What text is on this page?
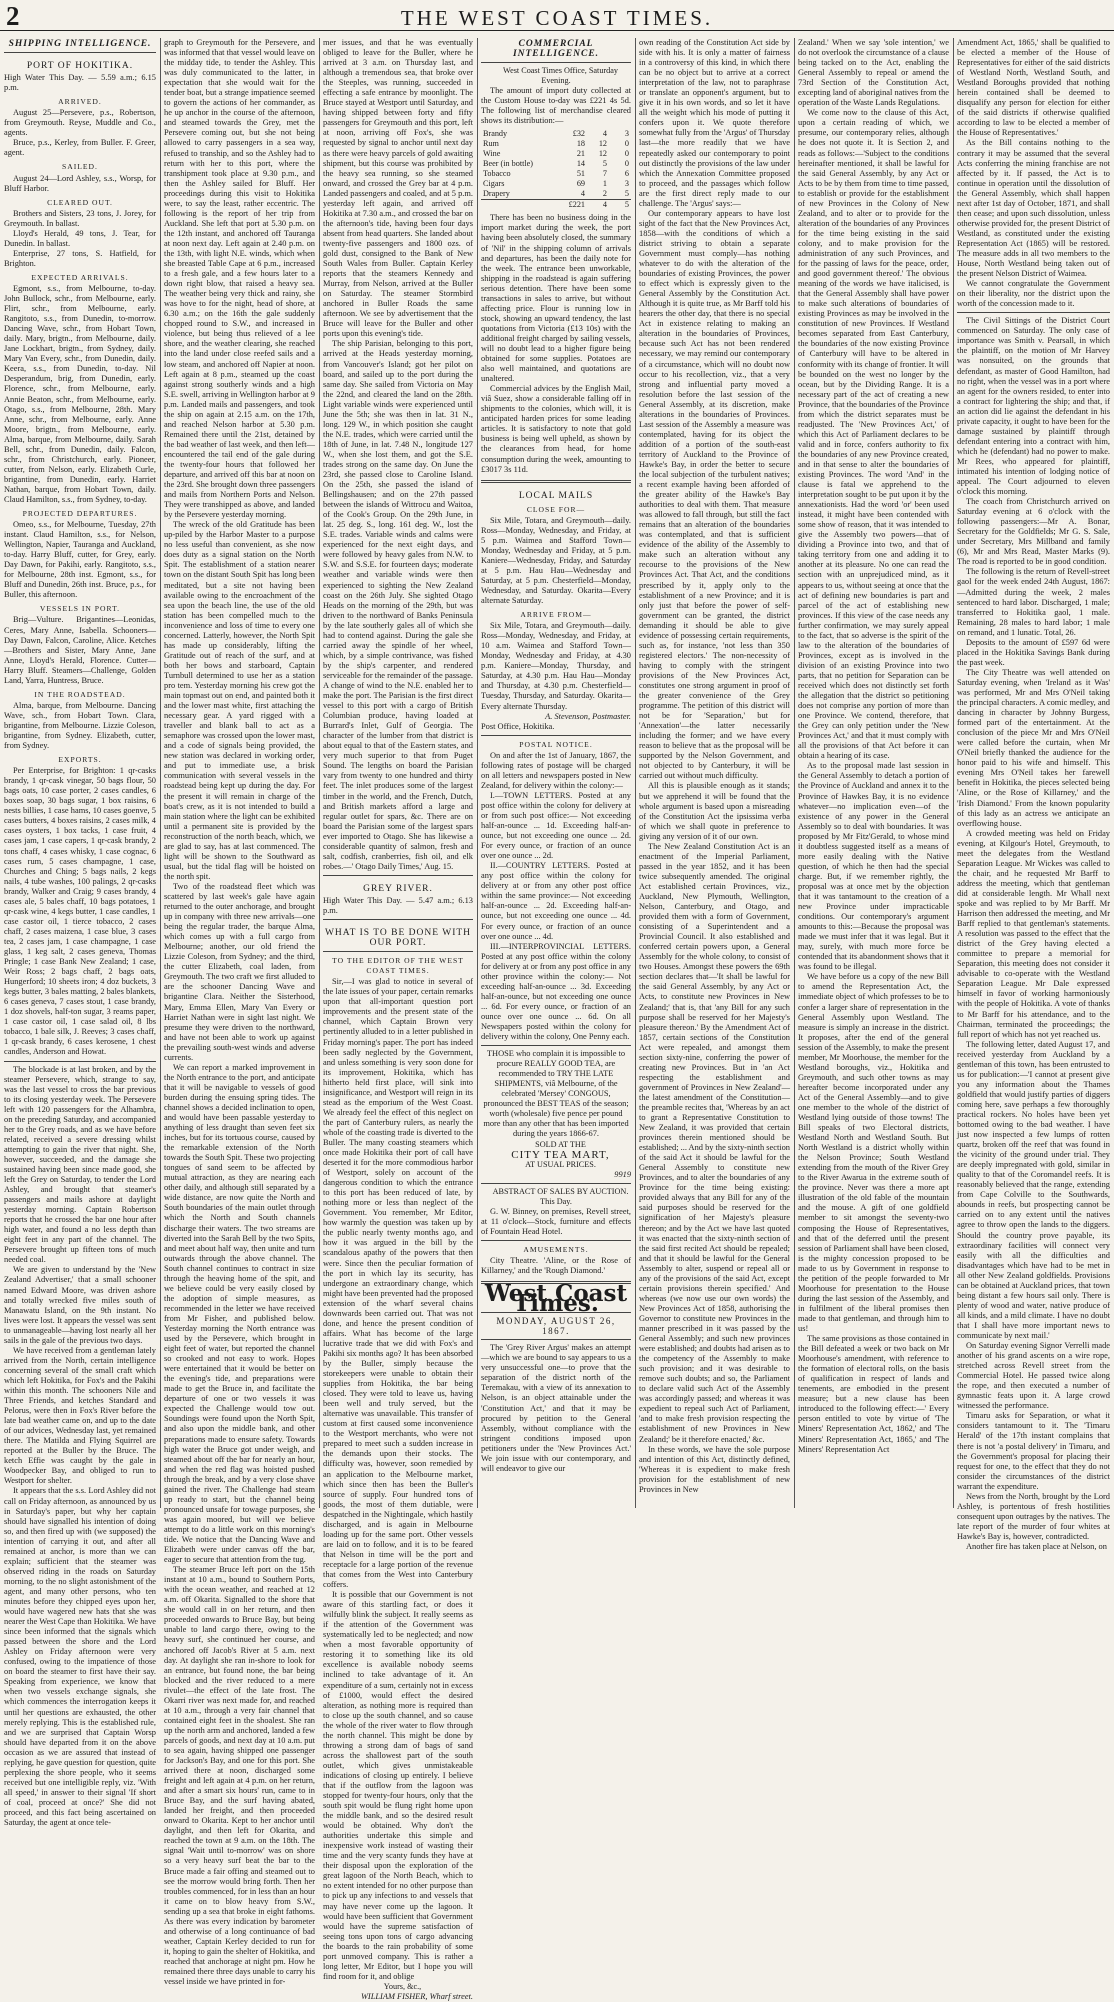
2	THE WEST COAST TIMES.
SHIPPING INTELLIGENCE.
PORT OF HOKITIKA.

High Water This Day. — 5.59 a.m.; 6.15 p.m.

ARRIVED.

August 25—Persevere, p.s., Robertson, from Greymouth. Reyse, Muddle and Co., agents.

Bruce, p.s., Kerley, from Buller. F. Greer, agent.

SAILED.

August 24—Lord Ashley, s.s., Worsp, for Bluff Harbor.

CLEARED OUT.

Brothers and Sisters, 23 tons, J. Jorey, for Greymouth. In ballast.

Lloyd's Herald, 49 tons, J. Tear, for Dunedin. In ballast.

Enterprise, 27 tons, S. Hatfield, for Brighton.

EXPECTED ARRIVALS.

Egmont, s.s., from Melbourne, to-day. John Bullock, schr., from Melbourne, early. Flirt, schr., from Melbourne, early. Rangitoto, s.s., from Dunedin, to-morrow. Dancing Wave, schr., from Hobart Town, daily. Mary, brigtn., from Melbourne, daily. Jane Lockhart, brigtn., from Sydney, daily. Mary Van Every, schr., from Dunedin, daily. Keera, s.s., from Dunedin, to-day. Nil Desperandum, brig, from Dunedin, early. Florence, schr., from Melbourne, early. Annie Beaton, schr., from Melbourne, early. Otago, s.s., from Melbourne, 28th. Mary Anne, schr., from Melbourne, early. Anne Moore, brigtn., from Melbourne, early. Alma, barque, from Melbourne, daily. Sarah Bell, schr., from Dunedin, daily. Falcon, schr., from Christchurch, early. Pioneer, cutter, from Nelson, early. Elizabeth Curle, brigantine, from Dunedin, early. Harriet Nathan, barque, from Hobart Town, daily. Claud Hamilton, s.s., from Sydney, to-day.

PROJECTED DEPARTURES.

Omeo, s.s., for Melbourne, Tuesday, 27th instant. Claud Hamilton, s.s., for Nelson, Wellington, Napier, Tauranga and Auckland, to-day. Harry Bluff, cutter, for Grey, early. Day Dawn, for Pakihi, early. Rangitoto, s.s., for Melbourne, 28th inst. Egmont, s.s., for Bluff and Dunedin, 26th inst. Bruce, p.s., for Buller, this afternoon.

VESSELS IN PORT.

Brig—Vulture. Brigantines—Leonidas, Ceres, Mary Anne, Isabella. Schooners—Day Dawn, Falcon, Caroline, Alice. Ketches—Brothers and Sister, Mary Anne, Jane Anne, Lloyd's Herald, Florence. Cutter—Harry Bluff. Steamers—Challenge, Golden Land, Yarra, Huntress, Bruce.

IN THE ROADSTEAD.

Alma, barque, from Melbourne. Dancing Wave, sch., from Hobart Town. Clara, brigantine, from Melbourne. Lizzie Coleson, brigantine, from Sydney. Elizabeth, cutter, from Sydney.

EXPORTS.

Per Enterprise, for Brighton: 1 qr-casks brandy, 1 qr-cask vinegar, 50 bags flour, 50 bags oats, 10 case porter, 2 cases candles, 6 boxes soap, 30 bags sugar, 1 box raisins, 6 nests billies, 1 case hams, 10 cases goenve, 5 cases butters, 4 boxes raisins, 2 cases milk, 4 cases oysters, 1 box tacks, 1 case fruit, 4 cases jam, 1 case capers, 1 qr-cask brandy, 2 tons chaff, 4 cases whisky, 1 case cognac, 6 cases rum, 5 cases champagne, 1 case, Churches and Ching; 5 bags nails, 2 kegs nails, 4 tube washes, 100 palings, 2 qr-casks brandy, Walker and Craig; 9 cases brandy, 4 cases ale, 5 bales chaff, 10 bags potatoes, 1 qr-cask wine, 4 kegs butter, 1 case candles, 1 case castor oil, 1 tierce tobacco, 2 cases chaff, 2 cases maizena, 1 case blue, 3 cases tea, 2 cases jam, 1 case champagne, 1 case glass, 1 keg salt, 2 cases geneva, Thomas Pringle; 1 case Bank New Zealand; 1 case, Weir Ross; 2 bags chaff, 2 bags oats, Hungerford; 10 sheets iron; 4 doz buckets, 3 kegs butter, 3 bales matting, 2 bales blankets, 6 cases geneva, 7 cases stout, 1 case brandy, 1 doz shovels, half-ton sugar, 3 reams paper, 1 case castor oil, 1 case salad oil, 8 lbs tobacco, 1 bale silk, J. Reeves; 3 cases chaff, 1 qr-cask brandy, 6 cases kerosene, 1 chest candles, Anderson and Howat.

The blockade is at last broken, and by the steamer Persevere, which, strange to say, was the last vessel to cross the bar previous to its closing yesterday week. The Persevere left with 120 passengers for the Alhambra, on the preceding Saturday, and accompanied her to the Grey roads, and as we have before related, received a severe dressing whilst attempting to gain the river that night. She, however, succeeded, and the damage she sustained having been since made good, she left the Grey on Saturday, to tender the Lord Ashley, and brought that steamer's passengers and mails ashore at daylight yesterday morning. Captain Robertson reports that he crossed the bar one hour after high water, and found a no less depth than eight feet in any part of the channel. The Persevere brought up fifteen tons of much needed coal.

We are given to understand by the 'New Zealand Advertiser,' that a small schooner named Edward Moore, was driven ashore and totally wrecked five miles south of Manawatu Island, on the 9th instant. No lives were lost. It appears the vessel was sent to unmanageable—having lost nearly all her sails in the gale of the previous two days.

We have received from a gentleman lately arrived from the North, certain intelligence concerning several of the small craft which which left Hokitika, for Fox's and the Pakihi within this month. The schooners Nile and Three Friends, and ketches Standard and Pelorus, were then in Fox's River before the late bad weather came on, and up to the date of our advices, Wednesday last, yet remained there. The Matilda and Flying Squirrel are reported at the Buller by the Bruce. The ketch Effie was caught by the gale in Woodpecker Bay, and obliged to run to Westport for shelter.

It appears that the s.s. Lord Ashley did not call on Friday afternoon, as announced by us in Saturday's paper, but why her captain should have signalled his intention of doing so, and then fired up with (we supposed) the intention of carrying it out, and after all remained at anchor, is more than we can explain; sufficient that the steamer was observed riding in the roads on Saturday morning, to the no slight astonishment of the agent, and many other persons, who ten minutes before they chipped eyes upon her, would have wagered new hats that she was nearer the West Cape than Hokitika. We have since been informed that the signals which passed between the shore and the Lord Ashley on Friday afternoon were very confused, owing to the impatience of those on board the steamer to first have their say. Speaking from experience, we know that when two vessels exchange signals, she which commences the interrogation keeps it until her questions are exhausted, the other merely replying. This is the established rule, and we are surprised that Captain Worsp should have departed from it on the above occasion as we are assured that instead of replying, he gave question for question, quite perplexing the shore people, who it seems received but one intelligible reply, viz. 'With all speed,' in answer to their signal 'If short of coal, proceed at once?' She did not proceed, and this fact being ascertained on Saturday, the agent at once tele-

graph to Greymouth for the Persevere, and was informed that that vessel would leave on the midday tide, to tender the Ashley. This was duly communicated to the latter, in expectation that she would wait for the tender boat, but a strange impatience seemed to govern the actions of her commander, as he up anchor in the course of the afternoon, and steamed towards the Grey, met the Persevere coming out, but she not being allowed to carry passengers in a sea way, refused to tranship, and so the Ashley had to return with her to this port, where the transhipment took place at 9.30 p.m., and then the Ashley sailed for Bluff. Her proceedings during this visit to Hokitika were, to say the least, rather eccentric. The following is the report of her trip from Auckland. She left that port at 5.30 p.m. on the 12th instant, and anchored off Tauranga at noon next day. Left again at 2.40 p.m. on the 13th, with light N.E. winds, which when she breasted Table Cape at 6 p.m., increased to a fresh gale, and a few hours later to a down right blow, that raised a heavy sea. The weather being very thick and rainy, she was hove to for the night, head of shore, at 6.30 a.m.; on the 16th the gale suddenly chopped round to S.W., and increased in violence, but being thus relieved of a lee shore, and the weather clearing, she reached into the land under close reefed sails and a low steam, and anchored off Napier at noon. Left again at 8 p.m., steamed up the coast against strong southerly winds and a high S.E. swell, arriving in Wellington harbor at 9 p.m. Landed mails and passengers, and took the ship on again at 2.15 a.m. on the 17th, and reached Nelson harbor at 5.30 p.m. Remained there until the 21st, detained by the bad weather of last week, and then left—encountered the tail end of the gale during the twenty-four hours that followed her departure, and arrived off this bar at noon on the 23rd. She brought down three passengers and mails from Northern Ports and Nelson. They were transhipped as above, and landed by the Persevere yesterday morning.

The wreck of the old Gratitude has been up-piled by the Harbor Master to a purpose no less useful than convenient, as she now does duty as a signal station on the North Spit. The establishment of a station nearer town on the distant South Spit has long been meditated, but a site not having been available owing to the encroachment of the sea upon the beach line, the use of the old station has been compelled much to the inconvenience and loss of time to every one concerned. Latterly, however, the North Spit has made up considerably, lifting the Gratitude out of reach of the surf, and at both her bows and starboard, Captain Turnbull determined to use her as a station pro tem. Yesterday morning his crew got the main topmast out on end, and painted both it and the lower mast white, first attaching the necessary gear. A yard rigged with a traveller and blank ball to act as a semaphore was crossed upon the lower mast, and a code of signals being provided, the new station was declared in working order, and put to immediate use, a brisk communication with several vessels in the roadstead being kept up during the day. For the present it will remain in charge of the boat's crew, as it is not intended to build a main station where the light can be exhibited until a permanent site is provided by the reconstruction of the north beach, which, we are glad to say, has at last commenced. The light will be shown to the Southward as usual, but the tidal flag will be hoisted on the north spit.

Two of the roadstead fleet which was scattered by last week's gale have again returned to the outer anchorage, and brought up in company with three new arrivals—one being the regular trader, the barque Alma, which comes up with a full cargo from Melbourne; another, our old friend the Lizzie Coleson, from Sydney; and the third, the cutter Elizabeth, coal laden, from Greymouth. The two craft we first alluded to are the schooner Dancing Wave and brigantine Clara. Neither the Sisterhood, Mary, Emma Ellen, Mary Van Every or Harriet Nathan were in sight last night. We presume they were driven to the northward, and have not been able to work up against the prevailing south-west winds and adverse currents.

We can report a marked improvement in the North entrance to the port, and anticipate that it will be navigable to vessels of good burden during the ensuing spring tides. The channel shows a decided inclination to open, and would have been passable yesterday to anything of less draught than seven feet six inches, but for its tortuous course, caused by the remarkable extension of the North towards the South Spit. These two projecting tongues of sand seem to be affected by mutual attraction, as they are nearing each other daily, and although still separated by a wide distance, are now quite the North and South boundaries of the main outlet through which the North and South channels discharge their waters. The two streams are diverted into the Sarah Bell by the two Spits, and meet about half way, then unite and turn outwards through the above channel. The South channel continues to contract in size through the heaving home of the spit, and we believe could be very easily closed by the adoption of simple measures, as recommended in the letter we have received from Mr Fisher, and published below. Yesterday morning the North entrance was used by the Persevere, which brought in eight feet of water, but reported the channel so crooked and not easy to work. Hopes were entertained that it would be better on the evening's tide, and preparations were made to get the Bruce in, and facilitate the departure of one or two vessels it was expected the Challenge would tow out. Soundings were found upon the North Spit, and also upon the middle bank, and other preparations made to ensure safety. Towards high water the Bruce got under weigh, and steamed about off the bar for nearly an hour, and when the red flag was hoisted pushed through the break, and by a very close shave gained the river. The Challenge had steam up ready to start, but the channel being pronounced unsafe for towage purposes, she was again moored, but will we believe attempt to do a little work on this morning's tide. We notice that the Dancing Wave and Elizabeth were under canvas off the bar, eager to secure that attention from the tug.

The steamer Bruce left port on the 15th instant at 10 a.m., bound to Southern Ports, with the ocean weather, and reached at 12 a.m. off Okarita. Signalled to the shore that she would call in on her return, and then proceeded onwards to Bruce Bay, but being unable to land cargo there, owing to the heavy surf, she continued her course, and anchored off Jacob's River at 5 a.m. next day. At daylight she ran in-shore to look for an entrance, but found none, the bar being blocked and the river reduced to a mere rivulet—the effect of the late frost. The Okarri river was next made for, and reached at 10 a.m., through a very fair channel that contained eight feet in the shoalest. She ran up the north arm and anchored, landed a few parcels of goods, and next day at 10 a.m. put to sea again, having shipped one passenger for Jackson's Bay, and one for this port. She arrived there at noon, discharged some freight and left again at 4 p.m. on her return, and after a smart six hours' run, came to in Bruce Bay, and the surf having abated, landed her freight, and then proceeded onward to Okarita. Kept to her anchor until daylight, and then left for Okarita, and reached the town at 9 a.m. on the 18th. The signal 'Wait until to-morrow' was on shore so a very heavy surf beat the bar to the Bruce made a fair offing and steamed out to see the morrow would bring forth. Then her troubles commenced, for in less than an hour it came on to blow heavy from S.W., sending up a sea that broke in eight fathoms. As there was every indication by barometer and otherwise of a long continuance of bad weather, Captain Kerley decided to run for it, hoping to gain the shelter of Hokitika, and reached that anchorage at night pm. How he remained there three days unable to carry his vessel inside we have printed in for-

mer issues, and that he was eventually obliged to leave for the Buller, where he arrived at 3 a.m. on Thursday last, and although a tremendous sea, that broke over the Steeples, was running, succeeded in effecting a safe entrance by moonlight. The Bruce stayed at Westport until Saturday, and having shipped between forty and fifty passengers for Greymouth and this port, left at noon, arriving off Fox's, she was requested by signal to anchor until next day as there were heavy parcels of gold awaiting shipment, but this course was prohibited by the heavy sea running, so she steamed onward, and crossed the Grey bar at 4 p.m. Landed passengers and coaled, and at 5 p.m. yesterday left again, and arrived off Hokitika at 7.30 a.m., and crossed the bar on the afternoon's tide, having been four days absent from head quarters. She landed about twenty-five passengers and 1800 ozs. of gold dust, consigned to the Bank of New South Wales from Buller. Captain Kerley reports that the steamers Kennedy and Murray, from Nelson, arrived at the Buller on Saturday. The steamer Stormbird anchored in Buller Roads the same afternoon. We see by advertisement that the Bruce will leave for the Buller and other ports upon this evening's tide.

The ship Parisian, belonging to this port, arrived at the Heads yesterday morning, from Vancouver's Island; got her pilot on board, and sailed up to the port during the same day. She sailed from Victoria on May the 22nd, and cleared the land on the 28th. Light variable winds were experienced until June the 5th; she was then in lat. 31 N., long. 129 W., in which position she caught the N.E. trades, which were carried until the 18th of June, in lat. 7.48 N., longitude 127 W., when she lost them, and got the S.E. trades strong on the same day. On June the 23rd, she passed close to Caroline Island. On the 25th, she passed the island of Bellingshausen; and on the 27th passed between the islands of Wittrocu and Waitoa, of the Cook's Group. On the 29th June, in lat. 25 deg. S., long. 161 deg. W., lost the S.E. trades. Variable winds and calms were experienced for the next eight days, and were followed by heavy gales from N.W. to S.W. and S.S.E. for fourteen days; moderate weather and variable winds were then experienced to sighting the New Zealand coast on the 26th July. She sighted Otago Heads on the morning of the 29th, but was driven to the northward of Banks Peninsula by the late southerly gales all of which she had to contend against. During the gale she carried away the spindle of her wheel, which, by a simple contrivance, was fished by the ship's carpenter, and rendered serviceable for the remainder of the passage. A change of wind to the N.E. enabled her to make the port. The Parisian is the first direct vessel to this port with a cargo of British Columbian produce, having loaded at Burrard's Inlet, Gulf of Georgia. The character of the lumber from that district is about equal to that of the Eastern states, and very much superior to that from Puget Sound. The lengths on board the Parisian vary from twenty to one hundred and thirty feet. The inlet produces some of the largest timber in the world, and the French, Dutch, and British markets afford a large and regular outlet for spars, &c. There are on board the Parisian some of the largest spars ever imported to Otago. She has likewise a considerable quantity of salmon, fresh and salt, codfish, cranberries, fish oil, and elk robes.—' Otago Daily Times,' Aug. 15.

GREY RIVER.

High Water This Day. — 5.47 a.m.; 6.13 p.m.

WHAT IS TO BE DONE WITH OUR PORT.
TO THE EDITOR OF THE WEST COAST TIMES.

Sir,—I was glad to notice in several of the late issues of your paper, certain remarks upon that all-important question port improvements and the present state of the channel, which Captain Brown very pertinently alluded to in a letter published in Friday morning's paper. The port has indeed been sadly neglected by the Government, and unless something is very soon done for its improvement, Hokitika, which has hitherto held first place, will sink into insignificance, and Westport will reign in its stead as the emporium of the West Coast. We already feel the effect of this neglect on the part of Canterbury rulers, as nearly the whole of the coasting trade is diverted to the Buller. The many coasting steamers which once made Hokitika their port of call have deserted it for the more commodious harbor of Westport, solely on account of the dangerous condition to which the entrance to this port has been reduced of late, by nothing more or less than neglect of the Government. You remember, Mr Editor, how warmly the question was taken up by the public nearly twenty months ago, and how it was argued in the bill by the scandalous apathy of the powers that then were. Since then the peculiar formation of the port in which lay its security, has undergone an extraordinary change, which might have been prevented had the proposed extension of the wharf several chains downwards been carried out. That was not done, and hence the present condition of affairs. What has become of the large lucrative trade that we did with Fox's and Pakihi six months ago? It has been absorbed by the Buller, simply because the storekeepers were unable to obtain their supplies from Hokitika, the bar being closed. They were told to leave us, having been well and truly served, but the alternative was unavailable. This transfer of custom at first caused some inconvenience to the Westport merchants, who were not prepared to meet such a sudden increase in the demands upon their stocks. The difficulty was, however, soon remedied by an application to the Melbourne market, which since then has been the Buller's source of supply. Four hundred tons of goods, the most of them dutiable, were despatched in the Nightingale, which hastily discharged, and is again in Melbourne loading up for the same port. Other vessels are laid on to follow, and it is to be feared that Nelson in time will be the port and receptacle for a large portion of the revenue that comes from the West into Canterbury coffers.

It is possible that our Government is not aware of this startling fact, or does it wilfully blink the subject. It really seems as if the attention of the Government was systematically led to be neglected; and now when a most favorable opportunity of restoring it to something like its old excellence is available nobody seems inclined to take advantage of it. An expenditure of a sum, certainly not in excess of £1000, would effect the desired alteration, as nothing more is required than to close up the south channel, and so cause the whole of the river water to flow through the north channel. This might be done by throwing a strong dam of bags of sand across the shallowest part of the south outlet, which gives unmistakeable indications of closing up entirely. I believe that if the outflow from the lagoon was stopped for twenty-four hours, only that the south spit would be flung right home upon the middle bank, and so the desired result would be obtained. Why don't the authorities undertake this simple and inexpensive work instead of wasting their time and the very scanty funds they have at their disposal upon the exploration of the great lagoon of the North Beach, which to no extent intended for no other purpose than to pick up any infections to and vessels that may have never come up the lagoon. It would have been sufficient that Government would have the supreme satisfaction of seeing tons upon tons of cargo advancing the boards to the rain probability of some port unmoved company. This is rather a long letter, Mr Editor, but I hope you will find room for it, and oblige

Yours, &c.,

WILLIAM FISHER, Wharf street.

COMMERCIAL INTELLIGENCE.

West Coast Times Office, Saturday Evening.

The amount of import duty collected at the Custom House to-day was £221 4s 5d. The following list of merchandise cleared shows its distribution:—

Brandy	£32	4	3
Rum	18	12	0
Wine	21	12	0
Beer (in bottle)	14	5	0
Tobacco	51	7	6
Cigars	69	1	3
Drapery	4	2	5
	£221	4	5

There has been no business doing in the import market during the week, the port having been absolutely closed, the summary of 'Nil' in the shipping column of arrivals and departures, has been the daily note for the week. The entrance been unworkable, shipping in the roadstead is again suffering serious detention. There have been some transactions in sales to arrive, but without affecting price. Flour is running low in stock, showing an upward tendency, the last quotations from Victoria (£13 10s) with the additional freight charged by sailing vessels, will no doubt lead to a higher figure being obtained for some supplies. Potatoes are also well maintained, and quotations are unaltered.

Commercial advices by the English Mail, viâ Suez, show a considerable falling off in shipments to the colonies, which will, it is anticipated harden prices for some leading articles. It is satisfactory to note that gold business is being well upheld, as shown by the clearances from head, for home consumption during the week, amounting to £3017 3s 11d.

LOCAL MAILS
CLOSE FOR—

Six Mile, Totara, and Greymouth—daily. Ross—Monday, Wednesday, and Friday, at 5 p.m. Waimea and Stafford Town—Monday, Wednesday and Friday, at 5 p.m. Kaniere—Wednesday, Friday, and Saturday at 5 p.m. Hau Hau—Wednesday and Saturday, at 5 p.m. Chesterfield—Monday, Wednesday, and Saturday. Okarita—Every alternate Saturday.

ARRIVE FROM—

Six Mile, Totara, and Greymouth—daily. Ross—Monday, Wednesday, and Friday, at 10 a.m. Waimea and Stafford Town—Monday, Wednesday and Friday, at 4.30 p.m. Kaniere—Monday, Thursday, and Saturday, at 4.30 p.m. Hau Hau—Monday and Thursday, at 4.30 p.m. Chesterfield—Tuesday, Thursday, and Saturday. Okarita—Every alternate Thursday.

A. Stevenson, Postmaster.

Post Office, Hokitika.

POSTAL NOTICE.

On and after the 1st of January, 1867, the following rates of postage will be charged on all letters and newspapers posted in New Zealand, for delivery within the colony:—

I.—TOWN LETTERS. Posted at any post office within the colony for delivery at or from such post office:— Not exceeding half-an-ounce ... 1d. Exceeding half-an-ounce, but not exceeding one ounce ... 2d. For every ounce, or fraction of an ounce over one ounce ... 2d.

II.—COUNTRY LETTERS. Posted at any post office within the colony for delivery at or from any other post office within the same province:— Not exceeding half-an-ounce ... 2d. Exceeding half-an-ounce, but not exceeding one ounce ... 4d. For every ounce, or fraction of an ounce over one ounce ... 4d.

III.—INTERPROVINCIAL LETTERS. Posted at any post office within the colony for delivery at or from any post office in any other province within the colony:— Not exceeding half-an-ounce ... 3d. Exceeding half-an-ounce, but not exceeding one ounce ... 6d. For every ounce, or fraction of an ounce over one ounce ... 6d. On all Newspapers posted within the colony for delivery within the colony, One Penny each.

THOSE who complain it is impossible to procure REALLY GOOD TEA, are recommended to TRY THE LATE SHIPMENTS, viâ Melbourne, of the celebrated 'Mersey' CONGOUS, pronounced the BEST TEAS of the season; worth (wholesale) five pence per pound more than any other that has been imported during the years 1866-67.

SOLD AT THE

CITY TEA MART,

AT USUAL PRICES.

9919

ABSTRACT OF SALES BY AUCTION. This Day.

G. W. Binney, on premises, Revell street, at 11 o'clock—Stock, furniture and effects of Fountain Head Hotel.

AMUSEMENTS.

City Theatre. 'Aline, or the Rose of Killarney,' and the 'Rough Diamond.'

West Coast Times.
MONDAY, AUGUST 26, 1867.

The 'Grey River Argus' makes an attempt—which we are bound to say appears to us a very unsuccessful one—to prove that the separation of the district north of the Teremakau, with a view of its annexation to Nelson, is an object attainable under the 'Constitution Act,' and that it may be procured by petition to the General Assembly, without compliance with the stringent conditions imposed upon petitioners under the 'New Provinces Act.' We join issue with our contemporary, and will endeavor to give our

own reading of the Constitution Act side by side with his. It is only a matter of fairness in a controversy of this kind, in which there can be no object but to arrive at a correct interpretation of the law, not to paraphrase or translate an opponent's argument, but to give it in his own words, and so let it have all the weight which his mode of putting it confers upon it. We quote therefore somewhat fully from the 'Argus' of Thursday last—the more readily that we have repeatedly asked our contemporary to point out distinctly the provisions of the law under which the Annexation Committee proposed to proceed, and the passages which follow are the first direct reply made to our challenge. The 'Argus' says:—

Our contemporary appears to have lost sight of the fact that the New Provinces Act, 1858—with the conditions of which a district striving to obtain a separate Government must comply—has nothing whatever to do with the alteration of the boundaries of existing Provinces, the power to effect which is expressly given to the General Assembly by the Constitution Act. Although it is quite true, as Mr Barff told his hearers the other day, that there is no special Act in existence relating to making an alteration in the boundaries of Provinces, because such Act has not been rendered necessary, we may remind our contemporary of a circumstance, which will no doubt now occur to his recollection, viz., that a very strong and influential party moved a resolution before the last session of the General Assembly, at its discretion, make alterations in the boundaries of Provinces. Last session of the Assembly a measure was contemplated, having for its object the addition of a portion of the south-east territory of Auckland to the Province of Hawke's Bay, in order the better to secure the local subjection of the turbulent natives; a recent example having been afforded of the greater ability of the Hawke's Bay authorities to deal with them. That measure was allowed to fall through, but still the fact remains that an alteration of the boundaries was contemplated, and that is sufficient evidence of the ability of the Assembly to make such an alteration without any recourse to the provisions of the New Provinces Act. That Act, and the conditions prescribed by it, apply only to the establishment of a new Province; and it is only just that before the power of self-government can be granted, the district demanding it should be able to give evidence of possessing certain requirements, such as, for instance, 'not less than 350 registered electors.' The non-necessity of having to comply with the stringent provisions of the New Provinces Act, constitutes one strong argument in proof of the greater convenience of the Grey programme. The petition of this district will not be for 'Separation,' but for 'Annexation'—the latter necessarily including the former; and we have every reason to believe that as the proposal will be supported by the Nelson Government, and not objected to by Canterbury, it will be carried out without much difficulty.

All this is plausible enough as it stands; but we apprehend it will be found that the whole argument is based upon a misreading of the Constitution Act the ipsissima verba of which we shall quote in preference to giving any version of it of our own.

The New Zealand Constitution Act is an enactment of the Imperial Parliament, passed in the year 1852, and it has been twice subsequently amended. The original Act established certain Provinces, viz., Auckland, New Plymouth, Wellington, Nelson, Canterbury, and Otago, and provided them with a form of Government, consisting of a Superintendent and a Provincial Council. It also established and conferred certain powers upon, a General Assembly for the whole colony, to consist of two Houses. Amongst these powers the 69th section declares that—'It shall be lawful for the said General Assembly, by any Act or Acts, to constitute new Provinces in New Zealand;' that is, that 'any Bill for any such purpose shall be reserved for her Majesty's pleasure thereon.' By the Amendment Act of 1857, certain sections of the Constitution Act were repealed, and amongst them section sixty-nine, conferring the power of creating new Provinces. But in 'an Act respecting the establishment and government of Provinces in New Zealand'—the latest amendment of the Constitution—the preamble recites that, 'Whereas by an act to grant a Representative Constitution to New Zealand, it was provided that certain provinces therein mentioned should be established; ... And by the sixty-ninth section of the said Act it should be lawful for the General Assembly to constitute new Provinces, and to alter the boundaries of any Province for the time being existing: provided always that any Bill for any of the said purposes should be reserved for the signification of her Majesty's pleasure thereon; and by the Act we have last quoted it was enacted that the sixty-ninth section of the said first recited Act should be repealed; and that it should be lawful for the General Assembly to alter, suspend or repeal all or any of the provisions of the said Act, except certain provisions therein specified.' And whereas (we now use our own words) the New Provinces Act of 1858, authorising the Governor to constitute new Provinces in the manner prescribed in it was passed by the General Assembly; and such new provinces were established; and doubts had arisen as to the competency of the Assembly to make such provision; and it was desirable to remove such doubts; and so, the Parliament to declare valid such Act of the Assembly was accordingly passed; and whereas it was expedient to repeal such Act of Parliament, 'and to make fresh provision respecting the establishment of new Provinces in New Zealand;' be it therefore enacted,' &c.

In these words, we have the sole purpose and intention of this Act, distinctly defined, 'Whereas it is expedient to make fresh provision for the establishment of new Provinces in New

Zealand.' When we say 'sole intention,' we do not overlook the circumstance of a clause being tacked on to the Act, enabling the General Assembly to repeal or amend the 73rd Section of the Constitution Act, excepting land of aboriginal natives from the operation of the Waste Lands Regulations.

We come now to the clause of this Act, upon a certain reading of which, we presume, our contemporary relies, although he does not quote it. It is Section 2, and reads as follows:—'Subject to the conditions hereinafter mentioned, it shall be lawful for the said General Assembly, by any Act or Acts to be by them from time to time passed, to establish or provide for the establishment of new Provinces in the Colony of New Zealand, and to alter or to provide for the alteration of the boundaries of any Provinces for the time being existing in the said colony, and to make provision for the administration of any such Provinces, and for the passing of laws for the peace, order, and good government thereof.' The obvious meaning of the words we have italicised, is that the General Assembly shall have power to make such alterations of boundaries of existing Provinces as may be involved in the constitution of new Provinces. If Westland becomes separated from East Canterbury, the boundaries of the now existing Province of Canterbury will have to be altered in conformity with its change of frontier. It will be bounded on the west no longer by the ocean, but by the Dividing Range. It is a necessary part of the act of creating a new Province, that the boundaries of the Province from which the district separates must be readjusted. The 'New Provinces Act,' of which this Act of Parliament declares to be valid and in force, confers authority to fix the boundaries of any new Province created, and in that sense to alter the boundaries of existing Provinces. The word 'And' in the clause is fatal we apprehend to the interpretation sought to be put upon it by the annexationists. Had the word 'or' been used instead, it might have been contended with some show of reason, that it was intended to give the Assembly two powers—that of dividing a Province into two, and that of taking territory from one and adding it to another at its pleasure. No one can read the section with an unprejudiced mind, as it appears to us, without seeing at once that the act of defining new boundaries is part and parcel of the act of establishing new provinces. If this view of the case needs any further confirmation, we may surely appeal to the fact, that so adverse is the spirit of the law to the alteration of the boundaries of Provinces, except as is involved in the division of an existing Province into two parts, that no petition for Separation can be received which does not distinctly set forth the allegation that the district so petitioning does not comprise any portion of more than one Province. We contend, therefore, that the Grey can only petition under the 'New Provinces Act,' and that it must comply with all the provisions of that Act before it can obtain a hearing of its case.

As to the proposal made last session in the General Assembly to detach a portion of the Province of Auckland and annex it to the Province of Hawkes Bay, it is no evidence whatever—no implication even—of the existence of any power in the General Assembly so to deal with boundaries. It was proposed by Mr Fitz'Gerald, to whose mind it doubtless suggested itself as a means of more easily dealing with the Native question, of which he then had the special charge. But, if we remember rightly, the proposal was at once met by the objection that it was tantamount to the creation of a new Province under impracticable conditions. Our contemporary's argument amounts to this:—Because the proposal was made we must infer that it was legal. But it may, surely, with much more force be contended that its abandonment shows that it was found to be illegal.

We have before us a copy of the new Bill to amend the Representation Act, the immediate object of which professes to be to confer a larger share of representation in the General Assembly upon Westland. The measure is simply an increase in the district. It proposes, after the end of the general session of the Assembly, to make the present member, Mr Moorhouse, the member for the Westland boroughs, viz., Hokitika and Greymouth, and such other towns as may hereafter become incorporated under any Act of the General Assembly—and to give one member to the whole of the district of Westland lying outside of those towns! The Bill speaks of two Electoral districts, Westland North and Westland South. But North Westland is a district wholly within the Nelson Province; South Westland extending from the mouth of the River Grey to the River Awarua in the extreme south of the province. Never was there a more apt illustration of the old fable of the mountain and the mouse. A gift of one goldfield member to sit amongst the seventy-two composing the House of Representatives, and that of the deferred until the present session of Parliament shall have been closed, is the mighty concession proposed to be made to us by Government in response to the petition of the people forwarded to Mr Moorhouse for presentation to the House during the last session of the Assembly, and in fulfilment of the liberal promises then made to that gentleman, and through him to us!

The same provisions as those contained in the Bill defeated a week or two back on Mr Moorhouse's amendment, with reference to the formation of electoral rolls, on the basis of qualification in respect of lands and tenements, are embodied in the present measure; but a new clause has been introduced to the following effect:—' Every person entitled to vote by virtue of 'The Miners' Representation Act, 1862,' and 'The Miners' Representation Act, 1865,' and 'The Miners' Representation Act

Amendment Act, 1865,' shall be qualified to be elected a member of the House of Representatives for either of the said districts of Westland North, Westland South, and Westland Boroughs provided that nothing herein contained shall be deemed to disqualify any person for election for either of the said districts if otherwise qualified according to law to be elected a member of the House of Representatives.'

As the Bill contains nothing to the contrary it may be assumed that the several Acts conferring the mining franchise are not affected by it. If passed, the Act is to continue in operation until the dissolution of the General Assembly, which shall happen next after 1st day of October, 1871, and shall then cease; and upon such dissolution, unless otherwise provided for, the present District of Westland, as constituted under the existing Representation Act (1865) will be restored. The measure adds in all two members to the House, North Westland being taken out of the present Nelson District of Waimea.

We cannot congratulate the Government on their liberality, nor the district upon the worth of the concession made to it.

The Civil Sittings of the District Court commenced on Saturday. The only case of importance was Smith v. Pearsall, in which the plaintiff, on the motion of Mr Harvey was nonsuited, on the grounds that defendant, as master of Good Hamilton, had no right, when the vessel was in a port where an agent for the owners resided, to enter into a contract for lightering the ship; and that, if an action did lie against the defendant in his private capacity, it ought to have been for the damage sustained by plaintiff through defendant entering into a contract with him, which he (defendant) had no power to make. Mr Rees, who appeared for plaintiff, intimated his intention of lodging notice of appeal. The Court adjourned to eleven o'clock this morning.

The coach from Christchurch arrived on Saturday evening at 6 o'clock with the following passengers:—Mr A. Bonar, Secretary for the Goldfields; Mr G. S. Sale, under Secretary, Mrs Millband and family (6), Mr and Mrs Read, Master Marks (9). The road is reported to be in good condition.

The following is the return of Revell-street gaol for the week ended 24th August, 1867:—Admitted during the week, 2 males sentenced to hard labor. Discharged, 1 male; transferred to Hokitika gaol, 1 male. Remaining, 28 males to hard labor; 1 male on remand, and 1 lunatic. Total, 26.

Deposits to the amount of £597 6d were placed in the Hokitika Savings Bank during the past week.

The City Theatre was well attended on Saturday evening, when 'Ireland as it Was' was performed, Mr and Mrs O'Neil taking the principal characters. A comic medley, and dancing in character by Johnny Burgess, formed part of the entertainment. At the conclusion of the piece Mr and Mrs O'Neil were called before the curtain, when Mr O'Neil briefly thanked the audience for the honor paid to his wife and himself. This evening Mrs O'Neil takes her farewell benefit in Hokitika, the pieces selected being 'Aline, or the Rose of Killarney,' and the 'Irish Diamond.' From the known popularity of this lady as an actress we anticipate an overflowing house.

A crowded meeting was held on Friday evening, at Kilgour's Hotel, Greymouth, to meet the delegates from the Westland Separation League. Mr Wickes was called to the chair, and he requested Mr Barff to address the meeting, which that gentleman did at considerable length. Mr Whall next spoke and was replied to by Mr Barff. Mr Harrison then addressed the meeting, and Mr Barff replied to that gentleman's statements. A resolution was passed to the effect that the district of the Grey having elected a committee to prepare a memorial for Separation, this meeting does not consider it advisable to co-operate with the Westland Separation League. Mr Dale expressed himself in favor of working harmoniously with the people of Hokitika. A vote of thanks to Mr Barff for his attendance, and to the Chairman, terminated the proceedings; the full report of which has not yet reached us.

The following letter, dated August 17, and received yesterday from Auckland by a gentleman of this town, has been entrusted to us for publication:—'I cannot at present give you any information about the Thames goldfield that would justify parties of diggers coming here, save perhaps a few thoroughly practical rockers. No holes have been yet bottomed owing to the bad weather. I have just now inspected a few lumps of rotten quartz, broken off the reef that was found in the vicinity of the ground under trial. They are deeply impregnated with gold, similar in quality to that of the Coromandel reefs. It is reasonably believed that the range, extending from Cape Colville to the Southwards, abounds in reefs, but prospecting cannot be carried on to any extent until the natives agree to throw open the lands to the diggers. Should the country prove payable, its extraordinary facilities will connect very easily with all the difficulties and disadvantages which have had to be met in all other New Zealand goldfields. Provisions can be obtained at Auckland prices, that town being distant a few hours sail only. There is plenty of wood and water, native produce of all kinds, and a mild climate. I have no doubt that I shall have more important news to communicate by next mail.'

On Saturday evening Signor Verrelli made another of his grand ascents on a wire rope, stretched across Revell street from the Commercial Hotel. He passed twice along the rope, and then executed a number of gymnastic feats upon it. A large crowd witnessed the performance.

Timaru asks for Separation, or what it considers tantamount to it. The 'Timaru Herald' of the 17th instant complains that there is not 'a postal delivery' in Timaru, and the Government's proposal for placing their request for one, to the effect that they do not consider the circumstances of the district warrant the expenditure.

News from the North, brought by the Lord Ashley, is portentous of fresh hostilities consequent upon outrages by the natives. The late report of the murder of four whites at Hawke's Bay is, however, contradicted.

Another fire has taken place at Nelson, on
